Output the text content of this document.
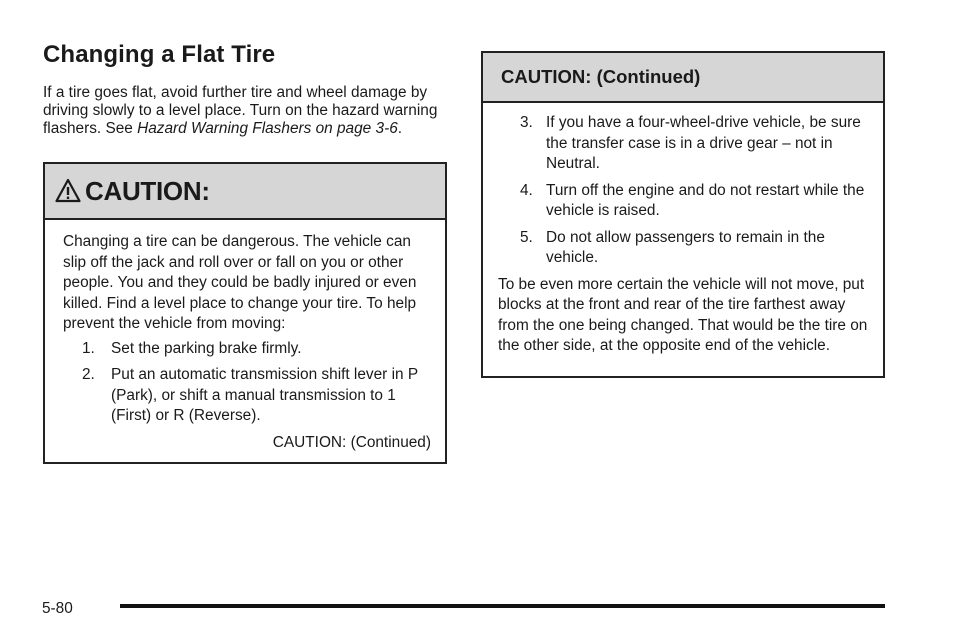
Changing a Flat Tire

If a tire goes flat, avoid further tire and wheel damage by driving slowly to a level place. Turn on the hazard warning flashers. See Hazard Warning Flashers on page 3-6.

CAUTION:

Changing a tire can be dangerous. The vehicle can slip off the jack and roll over or fall on you or other people. You and they could be badly injured or even killed. Find a level place to change your tire. To help prevent the vehicle from moving:

1. Set the parking brake firmly.
2. Put an automatic transmission shift lever in P (Park), or shift a manual transmission to 1 (First) or R (Reverse).

CAUTION: (Continued)

CAUTION: (Continued)
3. If you have a four-wheel-drive vehicle, be sure the transfer case is in a drive gear – not in Neutral.
4. Turn off the engine and do not restart while the vehicle is raised.
5. Do not allow passengers to remain in the vehicle.

To be even more certain the vehicle will not move, put blocks at the front and rear of the tire farthest away from the one being changed. That would be the tire on the other side, at the opposite end of the vehicle.

5-80
